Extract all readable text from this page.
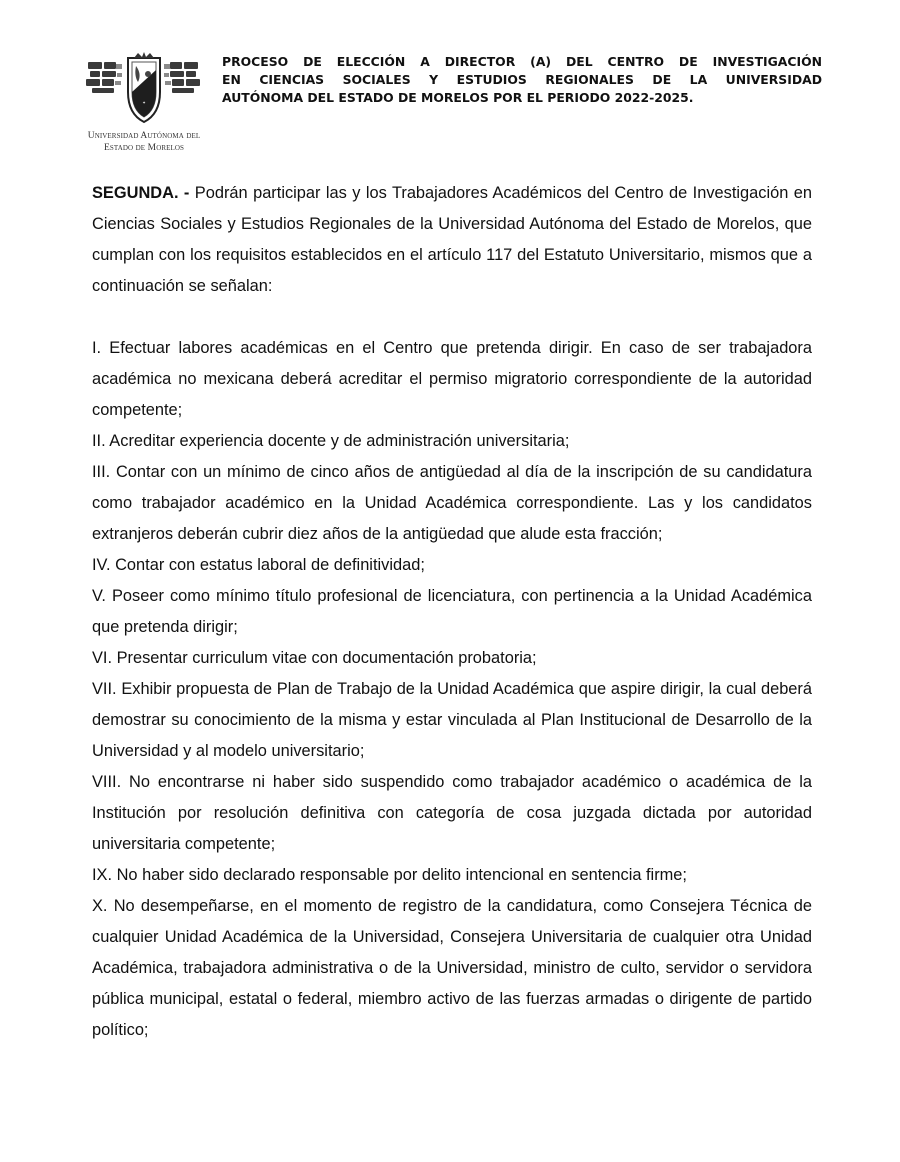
✦
Universidad Autónoma del
Estado de Morelos
PROCESO DE ELECCIÓN A DIRECTOR (A) DEL CENTRO DE INVESTIGACIÓN
EN CIENCIAS SOCIALES Y ESTUDIOS REGIONALES DE LA UNIVERSIDAD
AUTÓNOMA DEL ESTADO DE MORELOS POR EL PERIODO 2022-2025.

SEGUNDA. - Podrán participar las y los Trabajadores Académicos del Centro de Investigación en Ciencias Sociales y Estudios Regionales de la Universidad Autónoma del Estado de Morelos, que cumplan con los requisitos establecidos en el artículo 117 del Estatuto Universitario, mismos que a continuación se señalan:

I. Efectuar labores académicas en el Centro que pretenda dirigir. En caso de ser trabajadora académica no mexicana deberá acreditar el permiso migratorio correspondiente de la autoridad competente;

II. Acreditar experiencia docente y de administración universitaria;

III. Contar con un mínimo de cinco años de antigüedad al día de la inscripción de su candidatura como trabajador académico en la Unidad Académica correspondiente. Las y los candidatos extranjeros deberán cubrir diez años de la antigüedad que alude esta fracción;

IV. Contar con estatus laboral de definitividad;

V. Poseer como mínimo título profesional de licenciatura, con pertinencia a la Unidad Académica que pretenda dirigir;

VI. Presentar curriculum vitae con documentación probatoria;

VII. Exhibir propuesta de Plan de Trabajo de la Unidad Académica que aspire dirigir, la cual deberá demostrar su conocimiento de la misma y estar vinculada al Plan Institucional de Desarrollo de la Universidad y al modelo universitario;

VIII. No encontrarse ni haber sido suspendido como trabajador académico o académica de la Institución por resolución definitiva con categoría de cosa juzgada dictada por autoridad universitaria competente;

IX. No haber sido declarado responsable por delito intencional en sentencia firme;

X. No desempeñarse, en el momento de registro de la candidatura, como Consejera Técnica de cualquier Unidad Académica de la Universidad, Consejera Universitaria de cualquier otra Unidad Académica, trabajadora administrativa o de la Universidad, ministro de culto, servidor o servidora pública municipal, estatal o federal, miembro activo de las fuerzas armadas o dirigente de partido político;
